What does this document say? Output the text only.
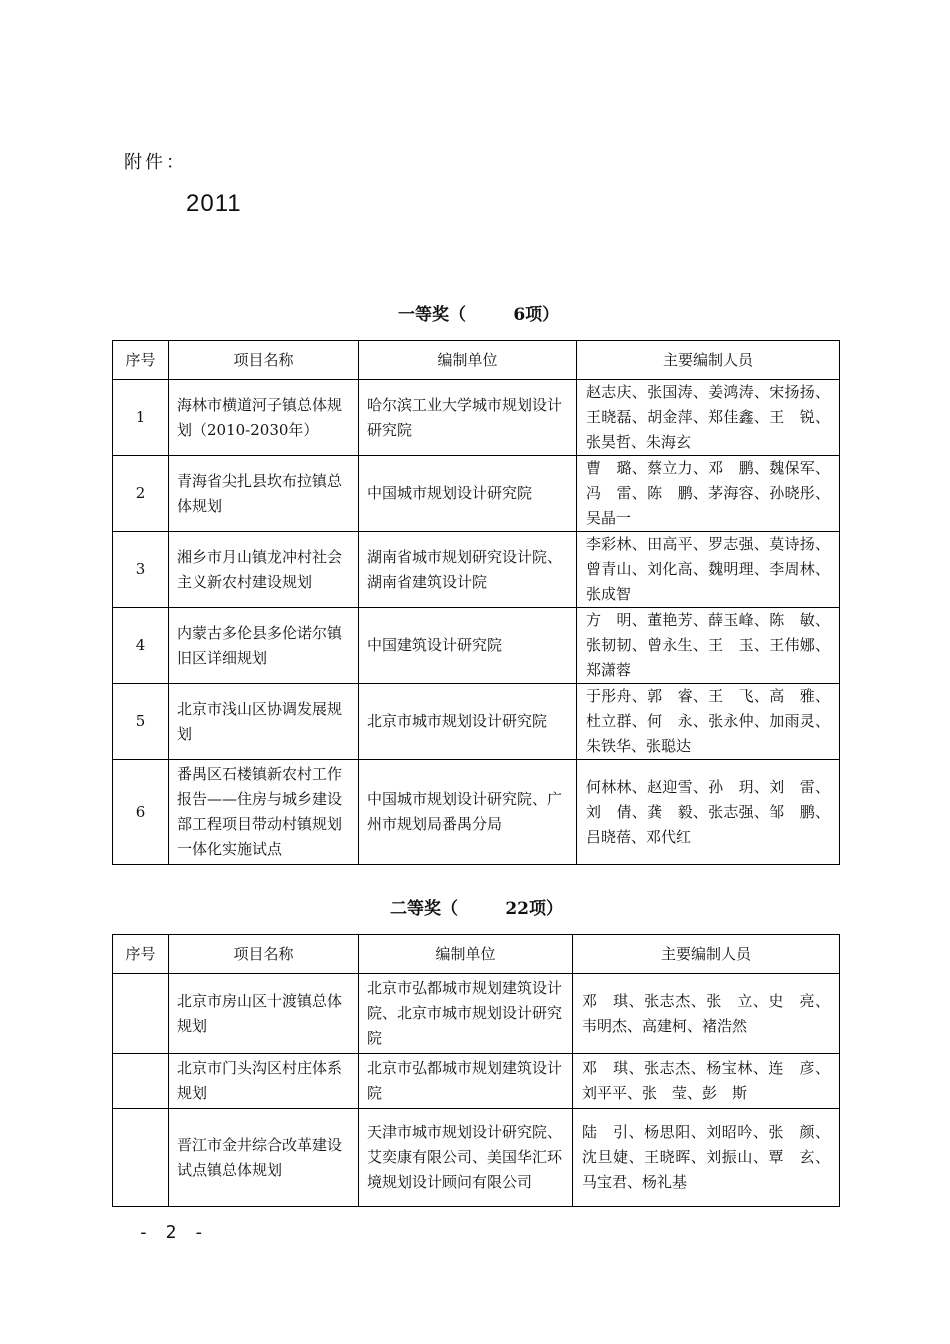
附件：
2011
一等奖（        6项）
序号	项目名称	编制单位	主要编制人员
1	海林市横道河子镇总体规划（2010-2030年）	哈尔滨工业大学城市规划设计研究院	赵志庆、张国涛、姜鸿涛、宋扬扬、王晓磊、胡金萍、郑佳鑫、王　锐、张昊哲、朱海玄
2	青海省尖扎县坎布拉镇总体规划	中国城市规划设计研究院	曹　璐、蔡立力、邓　鹏、魏保军、冯　雷、陈　鹏、茅海容、孙晓彤、吴晶一
3	湘乡市月山镇龙冲村社会主义新农村建设规划	湖南省城市规划研究设计院、湖南省建筑设计院	李彩林、田高平、罗志强、莫诗扬、曾青山、刘化高、魏明理、李周林、张成智
4	内蒙古多伦县多伦诺尔镇旧区详细规划	中国建筑设计研究院	方　明、董艳芳、薛玉峰、陈　敏、张韧韧、曾永生、王　玉、王伟娜、郑潇蓉
5	北京市浅山区协调发展规划	北京市城市规划设计研究院	于彤舟、郭　睿、王　飞、高　雅、杜立群、何　永、张永仲、加雨灵、朱铁华、张聪达
6	番禺区石楼镇新农村工作报告——住房与城乡建设部工程项目带动村镇规划一体化实施试点	中国城市规划设计研究院、广州市规划局番禺分局	何林林、赵迎雪、孙　玥、刘　雷、刘　倩、龚　毅、张志强、邹　鹏、吕晓蓓、邓代红
二等奖（        22项）
序号	项目名称	编制单位	主要编制人员
	北京市房山区十渡镇总体规划	北京市弘都城市规划建筑设计院、北京市城市规划设计研究院	邓　琪、张志杰、张　立、史　亮、韦明杰、高建柯、褚浩然
	北京市门头沟区村庄体系规划	北京市弘都城市规划建筑设计院	邓　琪、张志杰、杨宝林、连　彦、刘平平、张　莹、彭　斯
	晋江市金井综合改革建设试点镇总体规划	天津市城市规划设计研究院、艾奕康有限公司、美国华汇环境规划设计顾问有限公司	陆　引、杨思阳、刘昭吟、张　颜、沈旦婕、王晓晖、刘振山、覃　玄、马宝君、杨礼基
- 2 -
